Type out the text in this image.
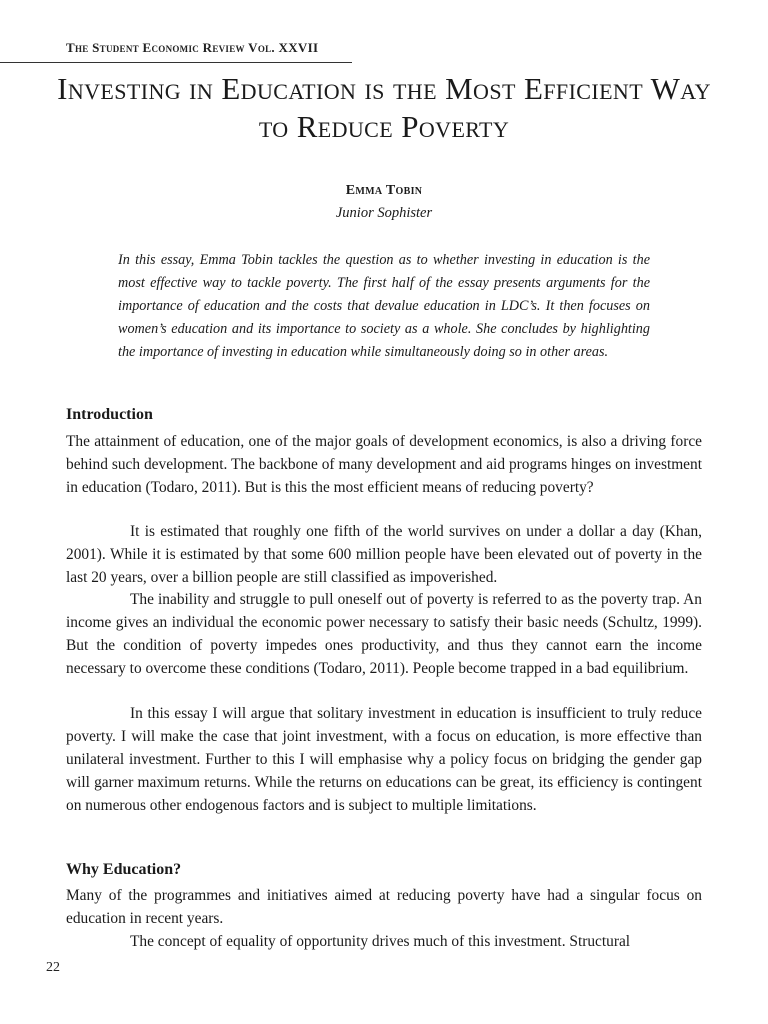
The Student Economic Review Vol. XXVII
Investing in Education is the Most Efficient Way to Reduce Poverty
Emma Tobin
Junior Sophister

In this essay, Emma Tobin tackles the question as to whether investing in education is the most effective way to tackle poverty. The first half of the essay presents arguments for the importance of education and the costs that devalue education in LDC’s. It then focuses on women’s education and its importance to society as a whole. She concludes by highlighting the importance of investing in education while simultaneously doing so in other areas.

Introduction

The attainment of education, one of the major goals of development economics, is also a driving force behind such development. The backbone of many development and aid programs hinges on investment in education (Todaro, 2011). But is this the most efficient means of reducing poverty?

It is estimated that roughly one fifth of the world survives on under a dollar a day (Khan, 2001). While it is estimated by that some 600 million people have been elevated out of poverty in the last 20 years, over a billion people are still classified as impoverished.

The inability and struggle to pull oneself out of poverty is referred to as the poverty trap. An income gives an individual the economic power necessary to satisfy their basic needs (Schultz, 1999). But the condition of poverty impedes ones productivity, and thus they cannot earn the income necessary to overcome these conditions (Todaro, 2011). People become trapped in a bad equilibrium.

In this essay I will argue that solitary investment in education is insufficient to truly reduce poverty. I will make the case that joint investment, with a focus on education, is more effective than unilateral investment. Further to this I will emphasise why a policy focus on bridging the gender gap will garner maximum returns. While the returns on educations can be great, its efficiency is contingent on numerous other endogenous factors and is subject to multiple limitations.

Why Education?

Many of the programmes and initiatives aimed at reducing poverty have had a singular focus on education in recent years.

The concept of equality of opportunity drives much of this investment. Structural

22
